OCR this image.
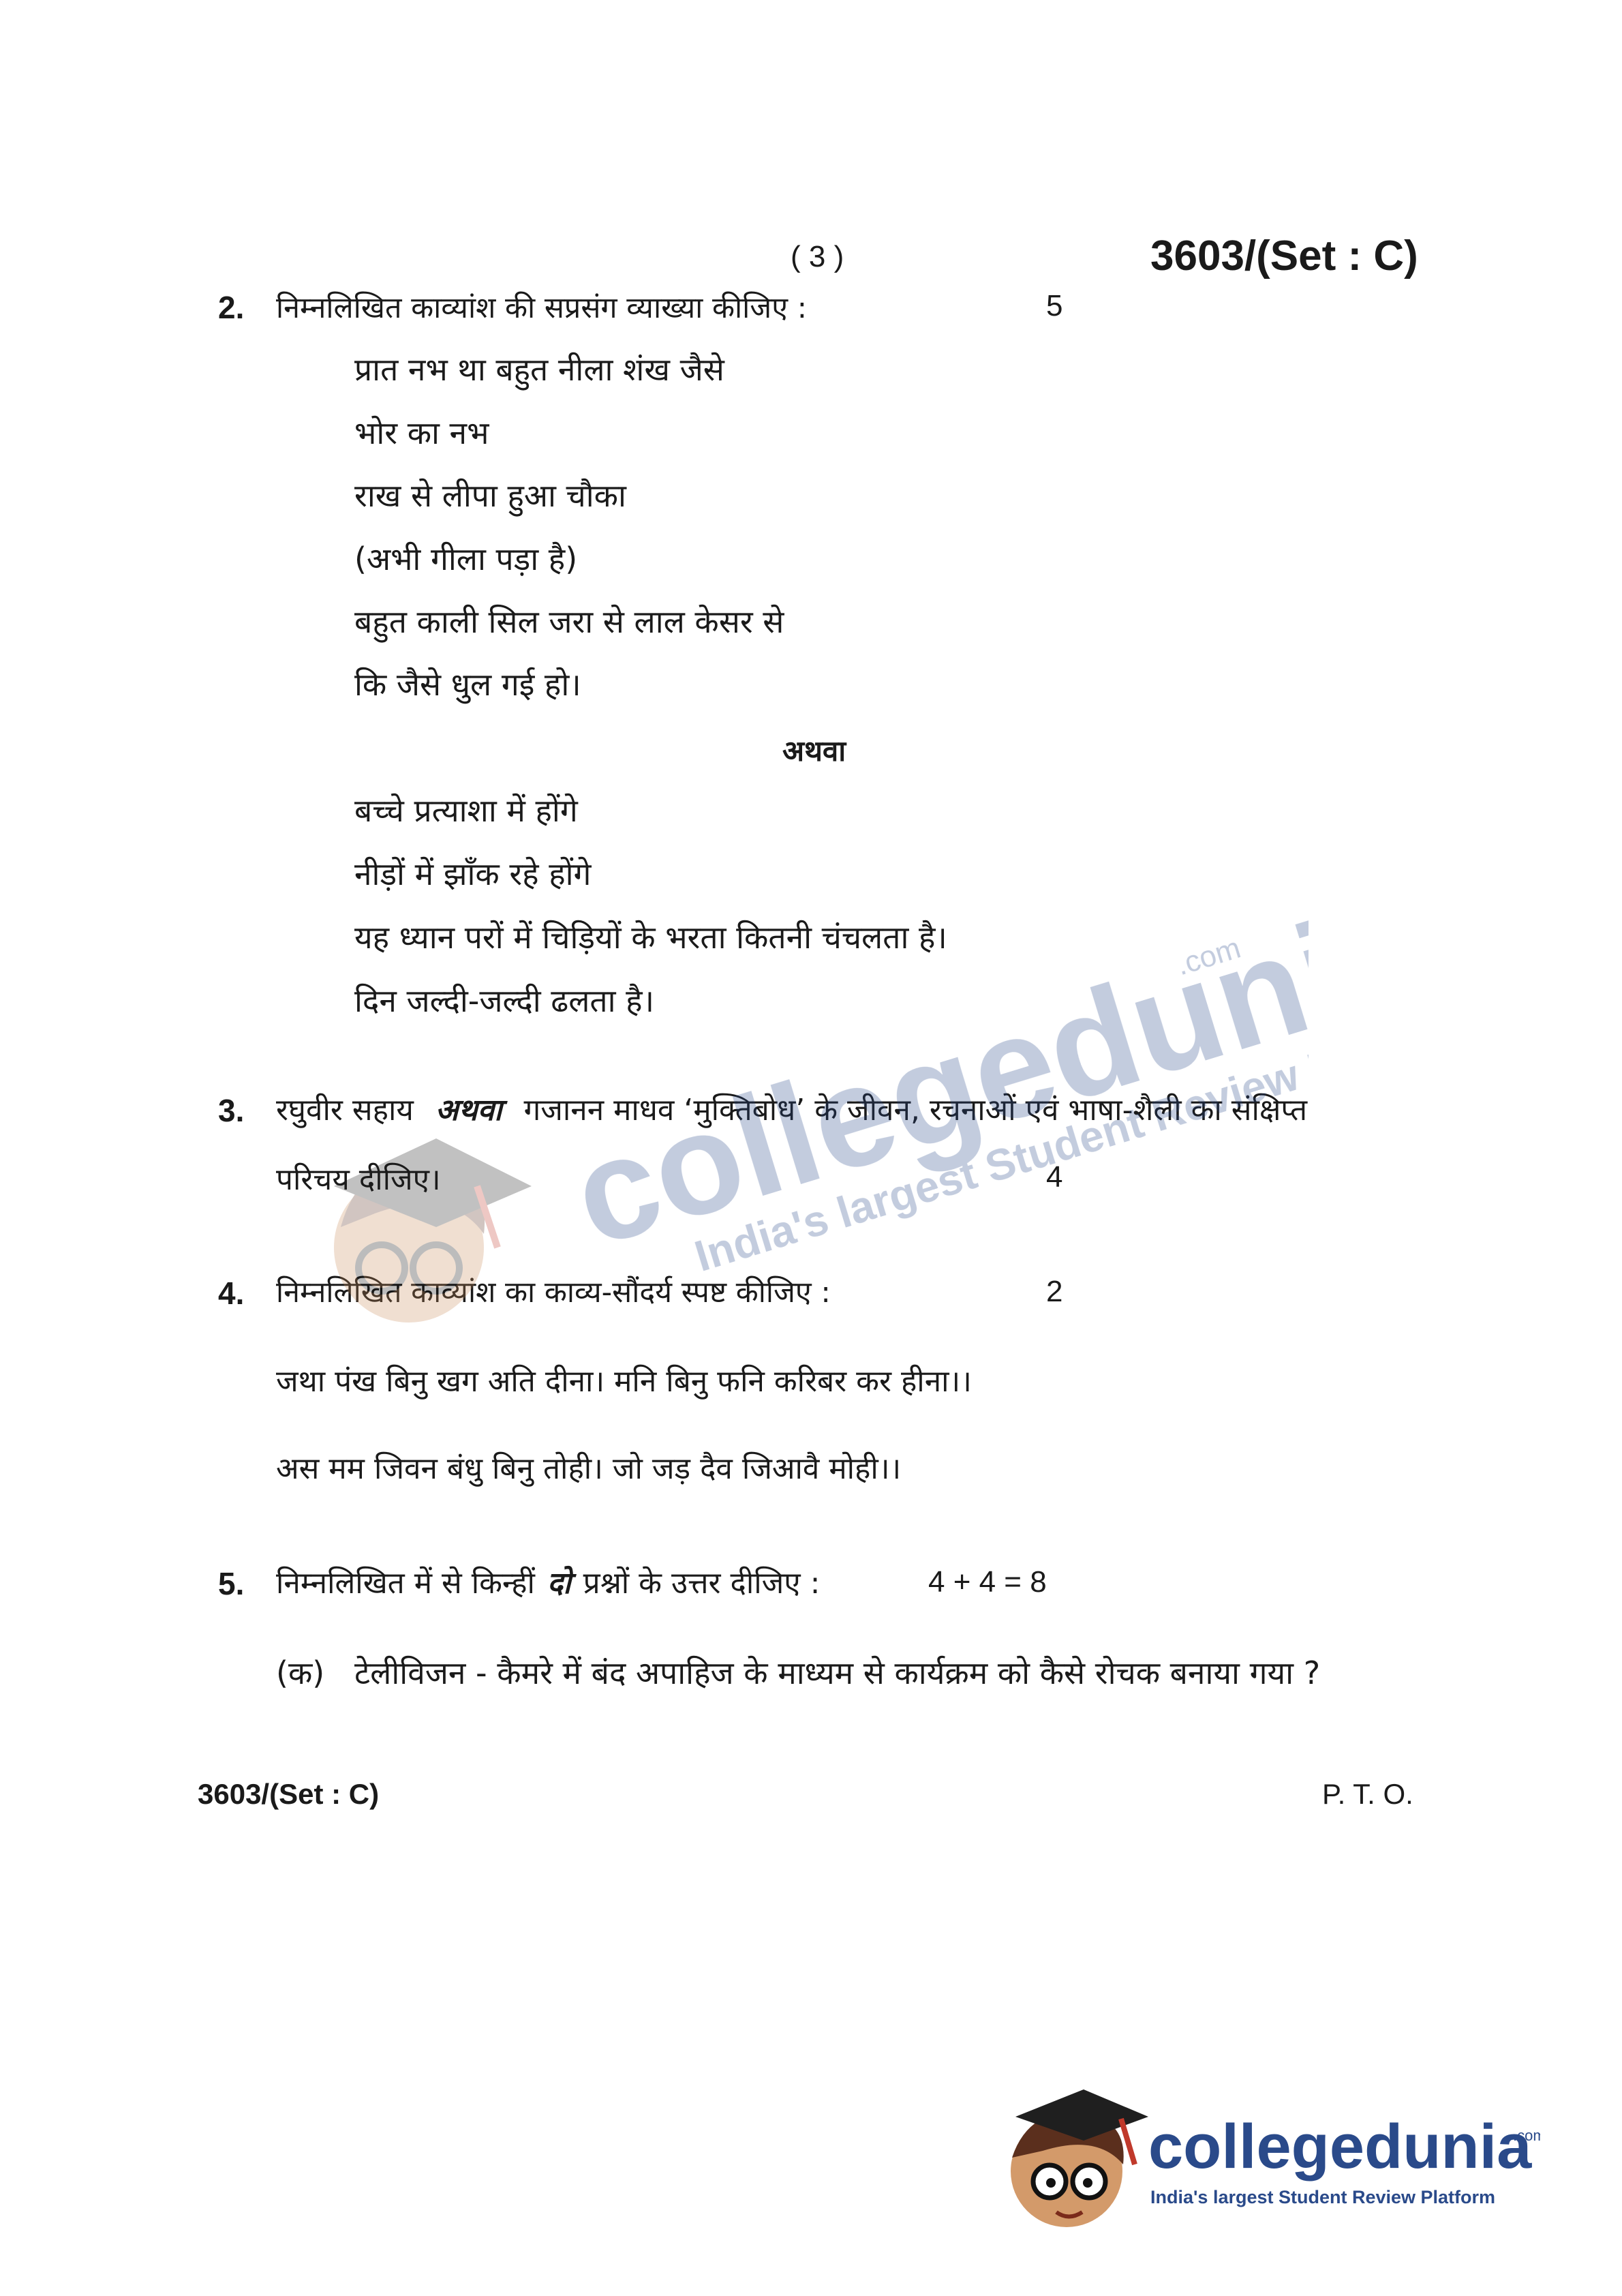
( 3 )	3603/(Set : C)
2. निम्नलिखित काव्यांश की सप्रसंग व्याख्या कीजिए :	5
प्रात नभ था बहुत नीला शंख जैसे
भोर का नभ
राख से लीपा हुआ चौका
(अभी गीला पड़ा है)
बहुत काली सिल जरा से लाल केसर से
कि जैसे धुल गई हो।
अथवा
बच्चे प्रत्याशा में होंगे
नीड़ों में झाँक रहे होंगे
यह ध्यान परों में चिड़ियों के भरता कितनी चंचलता है।
दिन जल्दी-जल्दी ढलता है।
3. रघुवीर सहाय अथवा गजानन माधव ‘मुक्तिबोध’ के जीवन, रचनाओं एवं भाषा-शैली का संक्षिप्त
परिचय दीजिए।	4
4. निम्नलिखित काव्यांश का काव्य-सौंदर्य स्पष्ट कीजिए :	2
जथा पंख बिनु खग अति दीना। मनि बिनु फनि करिबर कर हीना।।
अस मम जिवन बंधु बिनु तोही। जो जड़ दैव जिआवै मोही।।
5. निम्नलिखित में से किन्हीं दो प्रश्नों के उत्तर दीजिए :	4 + 4 = 8
(क) टेलीविजन - कैमरे में बंद अपाहिज के माध्यम से कार्यक्रम को कैसे रोचक बनाया गया ?
3603/(Set : C)	P. T. O.
collegedunia
.com
India's largest Student Review Platform
collegedunia
.com
India's largest Student Review Platform
